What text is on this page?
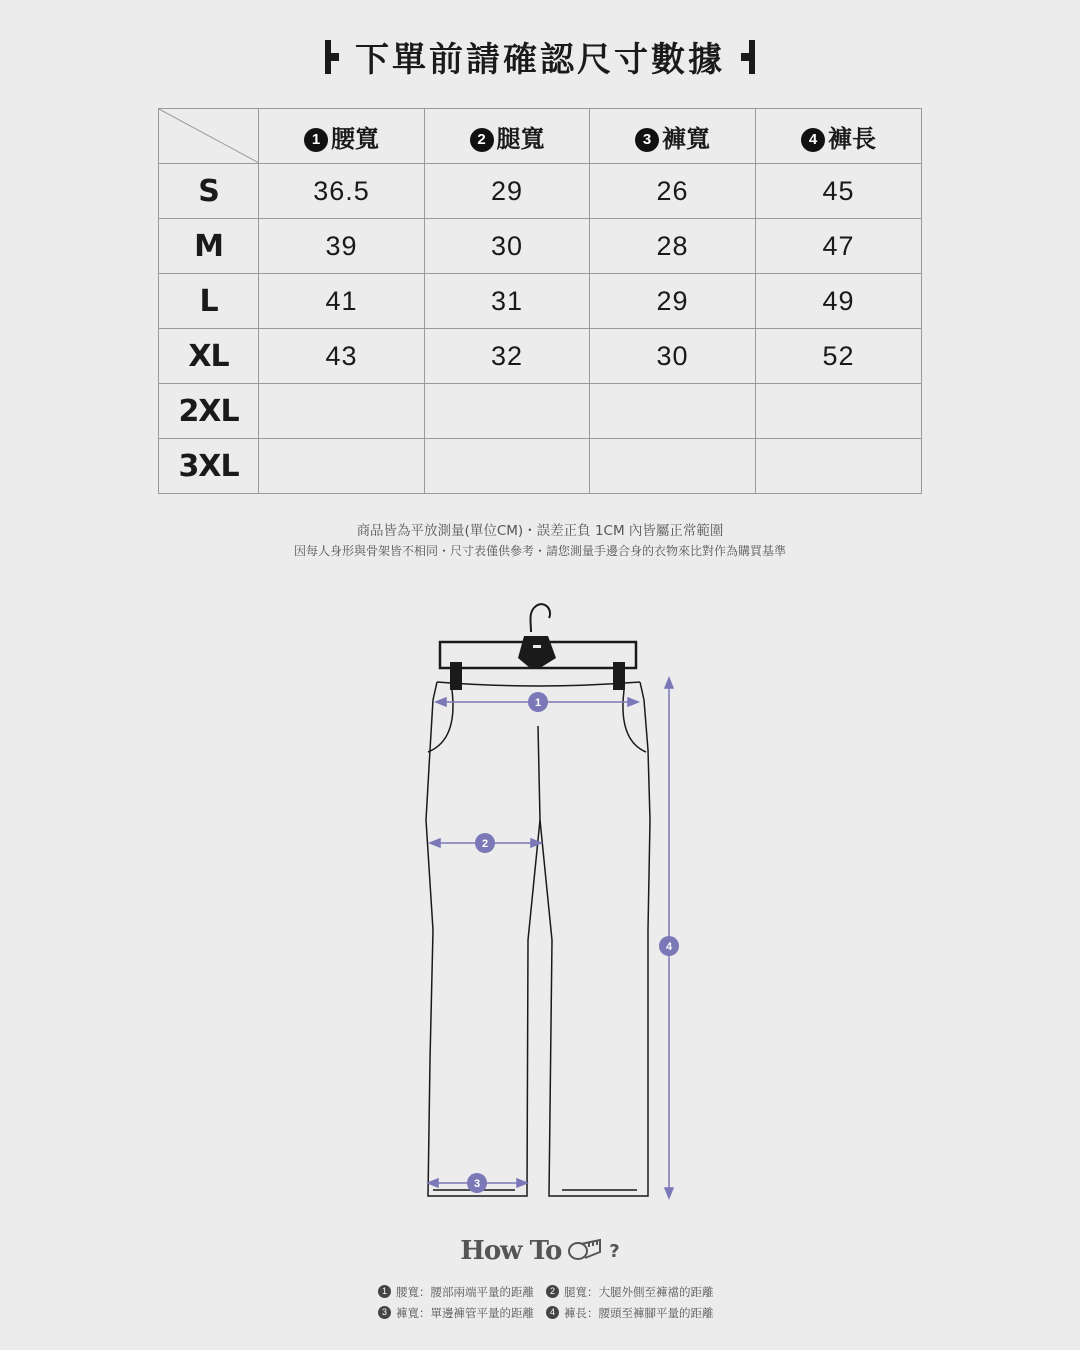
下單前請確認尺寸數據
	1 腰寬	2 腿寬	3 褲寬	4 褲長
S	36.5	29	26	45
M	39	30	28	47
L	41	31	29	49
XL	43	32	30	52
2XL				
3XL				
商品皆為平放測量(單位CM)・誤差正負 1CM 內皆屬正常範圍
因每人身形與骨架皆不相同・尺寸表僅供參考・請您測量手邊合身的衣物來比對作為購買基準
1
2
3
4
How To	?
1 腰寬：腰部兩端平量的距離	2 腿寬：大腿外側至褲襠的距離
3 褲寬：單邊褲管平量的距離	4 褲長：腰頭至褲腳平量的距離
